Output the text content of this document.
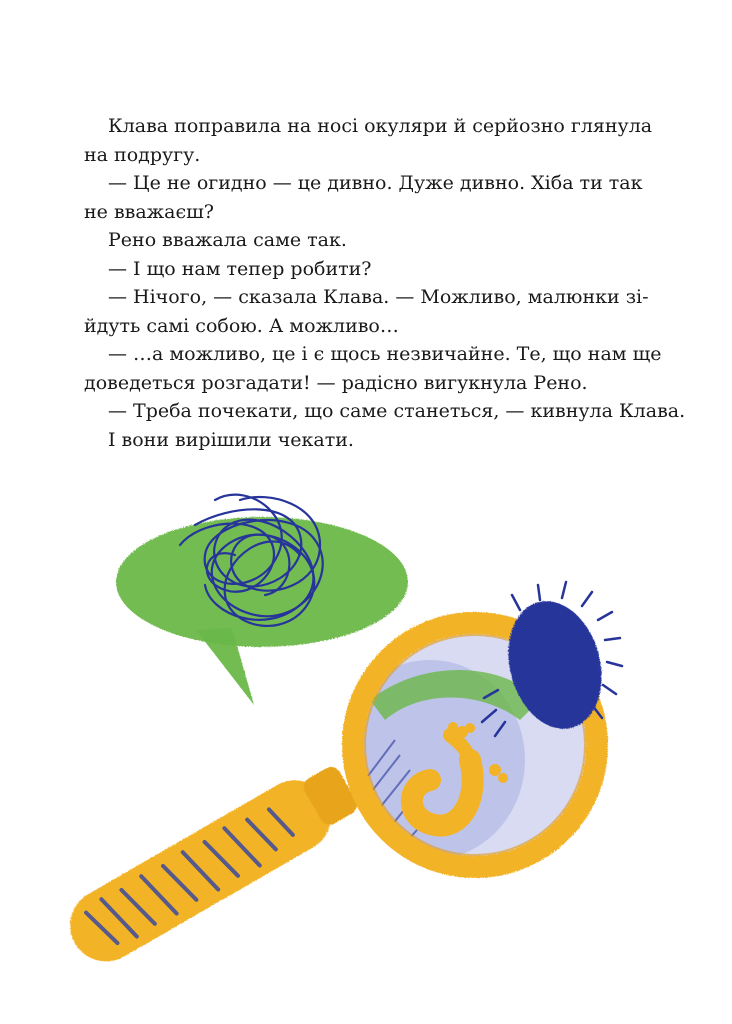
Клава поправила на носі окуляри й серйозно глянула
на подругу.
— Це не огидно — це дивно. Дуже дивно. Хіба ти так
не вважаєш?
Рено вважала саме так.
— І що нам тепер робити?
— Нічого, — сказала Клава. — Можливо, малюнки зі-
йдуть самі собою. А можливо…
— …а можливо, це і є щось незвичайне. Те, що нам ще
доведеться розгадати! — радісно вигукнула Рено.
— Треба почекати, що саме станеться, — кивнула Клава.
І вони вирішили чекати.
